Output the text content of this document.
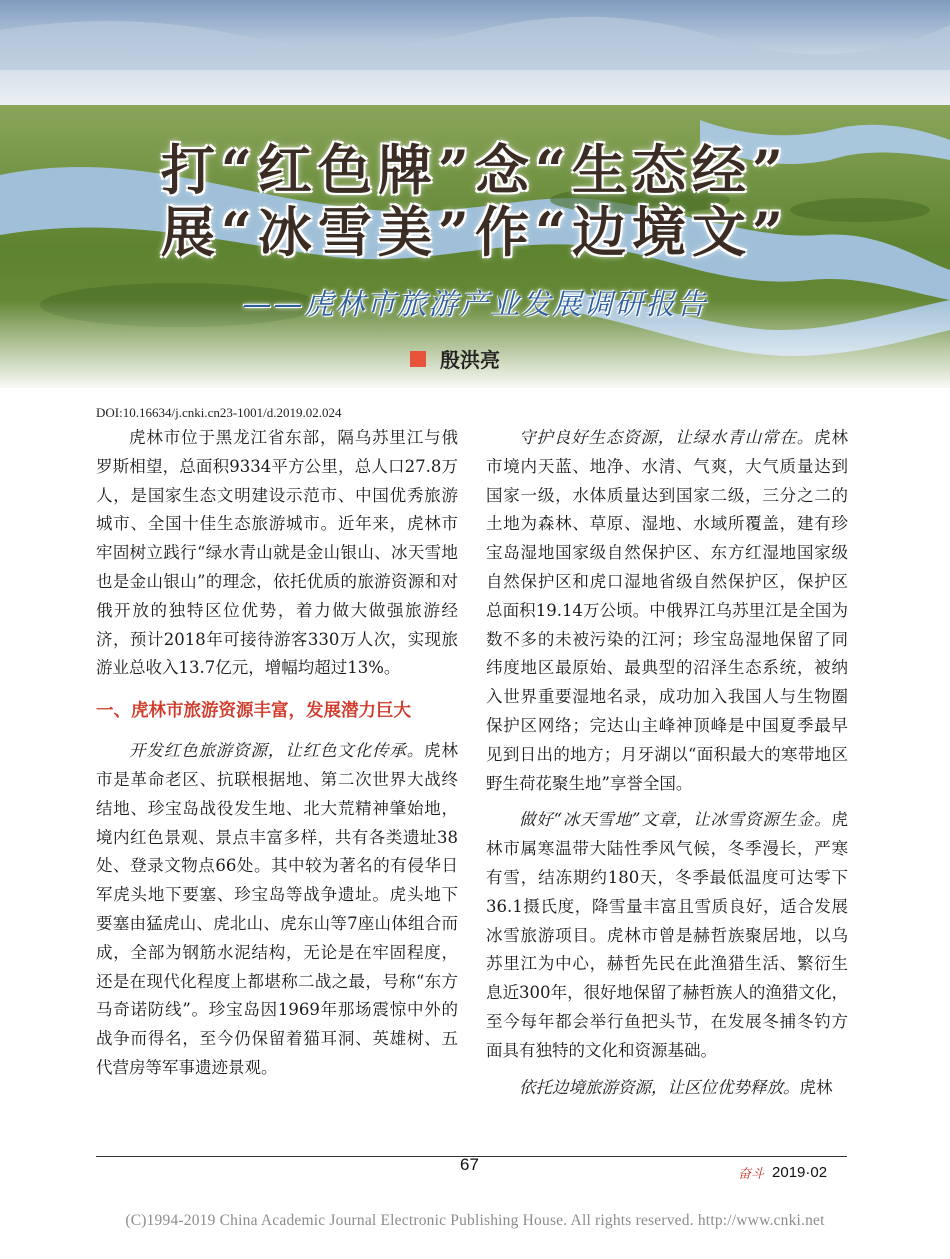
打“红色牌”念“生态经”
展“冰雪美”作“边境文”
——虎林市旅游产业发展调研报告
殷洪亮
DOI:10.16634/j.cnki.cn23-1001/d.2019.02.024

虎林市位于黑龙江省东部，隔乌苏里江与俄罗斯相望，总面积9334平方公里，总人口27.8万人，是国家生态文明建设示范市、中国优秀旅游城市、全国十佳生态旅游城市。近年来，虎林市牢固树立践行“绿水青山就是金山银山、冰天雪地也是金山银山”的理念，依托优质的旅游资源和对俄开放的独特区位优势，着力做大做强旅游经济，预计2018年可接待游客330万人次，实现旅游业总收入13.7亿元，增幅均超过13%。

一、虎林市旅游资源丰富，发展潜力巨大

开发红色旅游资源，让红色文化传承。虎林市是革命老区、抗联根据地、第二次世界大战终结地、珍宝岛战役发生地、北大荒精神肇始地，境内红色景观、景点丰富多样，共有各类遗址38处、登录文物点66处。其中较为著名的有侵华日军虎头地下要塞、珍宝岛等战争遗址。虎头地下要塞由猛虎山、虎北山、虎东山等7座山体组合而成，全部为钢筋水泥结构，无论是在牢固程度，还是在现代化程度上都堪称二战之最，号称“东方马奇诺防线”。珍宝岛因1969年那场震惊中外的战争而得名，至今仍保留着猫耳洞、英雄树、五代营房等军事遗迹景观。

守护良好生态资源，让绿水青山常在。虎林市境内天蓝、地净、水清、气爽，大气质量达到国家一级，水体质量达到国家二级，三分之二的土地为森林、草原、湿地、水域所覆盖，建有珍宝岛湿地国家级自然保护区、东方红湿地国家级自然保护区和虎口湿地省级自然保护区，保护区总面积19.14万公顷。中俄界江乌苏里江是全国为数不多的未被污染的江河；珍宝岛湿地保留了同纬度地区最原始、最典型的沼泽生态系统，被纳入世界重要湿地名录，成功加入我国人与生物圈保护区网络；完达山主峰神顶峰是中国夏季最早见到日出的地方；月牙湖以“面积最大的寒带地区野生荷花聚生地”享誉全国。

做好“冰天雪地”文章，让冰雪资源生金。虎林市属寒温带大陆性季风气候，冬季漫长，严寒有雪，结冻期约180天，冬季最低温度可达零下36.1摄氏度，降雪量丰富且雪质良好，适合发展冰雪旅游项目。虎林市曾是赫哲族聚居地，以乌苏里江为中心，赫哲先民在此渔猎生活、繁衍生息近300年，很好地保留了赫哲族人的渔猎文化，至今每年都会举行鱼把头节，在发展冬捕冬钓方面具有独特的文化和资源基础。

依托边境旅游资源，让区位优势释放。虎林

67
奋斗 2019·02
(C)1994-2019 China Academic Journal Electronic Publishing House. All rights reserved. http://www.cnki.net
